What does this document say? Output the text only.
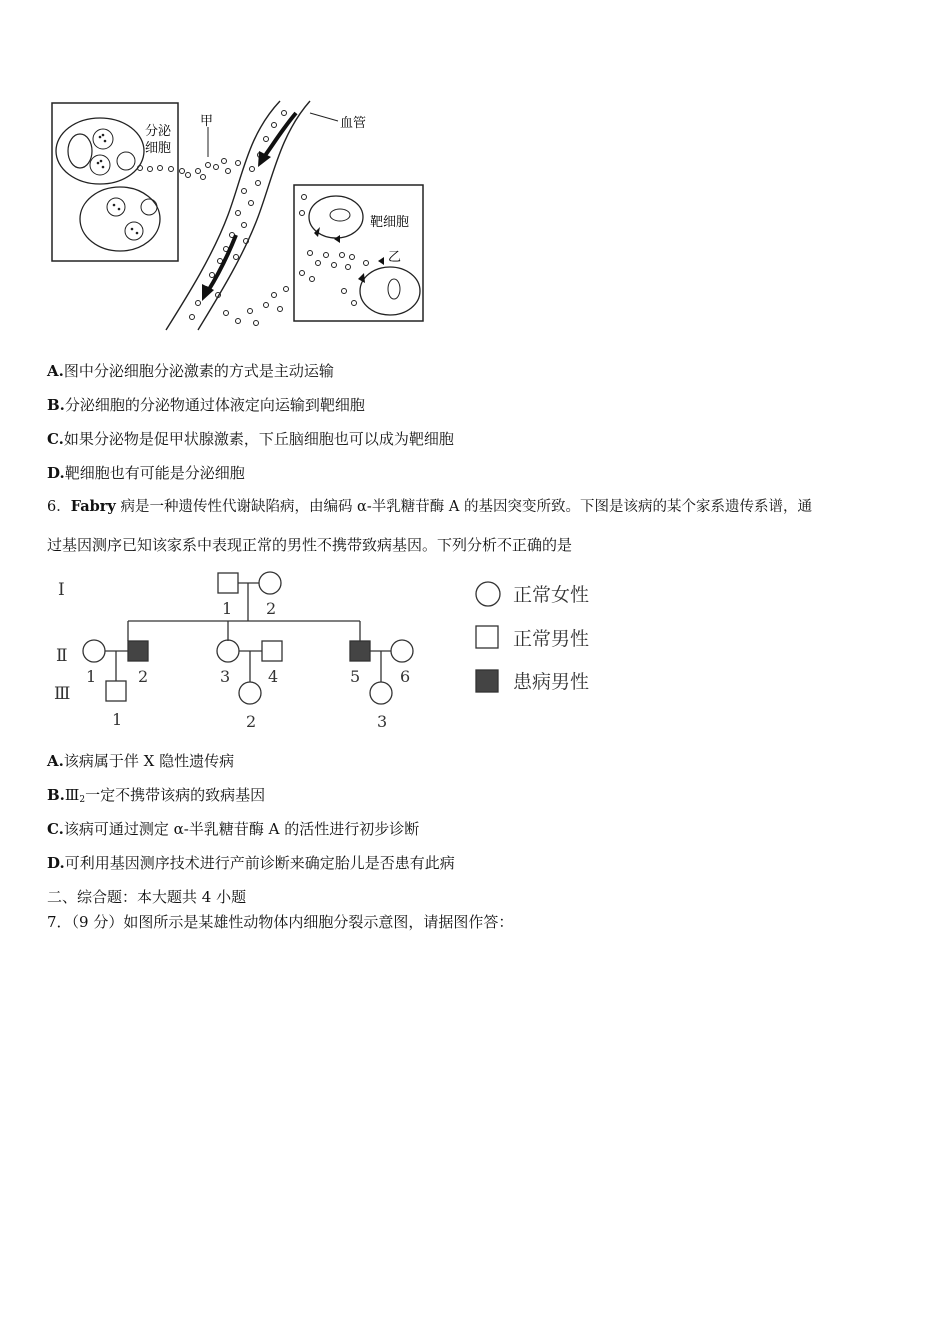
分泌
细胞
甲	血管
靶细胞
乙
A.图中分泌细胞分泌激素的方式是主动运输
B.分泌细胞的分泌物通过体液定向运输到靶细胞
C.如果分泌物是促甲状腺激素，下丘脑细胞也可以成为靶细胞
D.靶细胞也有可能是分泌细胞
6．Fabry 病是一种遗传性代谢缺陷病，由编码 α-半乳糖苷酶 A 的基因突变所致。下图是该病的某个家系遗传系谱，通
过基因测序已知该家系中表现正常的男性不携带致病基因。下列分析不正确的是
Ⅰ
Ⅱ
Ⅲ
1 2
1	2	3 4	5 6
1	2	3
正常女性
正常男性
患病男性
A.该病属于伴 X 隐性遗传病
$B.Ⅲ_2$一定不携带该病的致病基因
C.该病可通过测定 α-半乳糖苷酶 A 的活性进行初步诊断
D.可利用基因测序技术进行产前诊断来确定胎儿是否患有此病
二、综合题：本大题共 4 小题
7．（9 分）如图所示是某雄性动物体内细胞分裂示意图，请据图作答：
